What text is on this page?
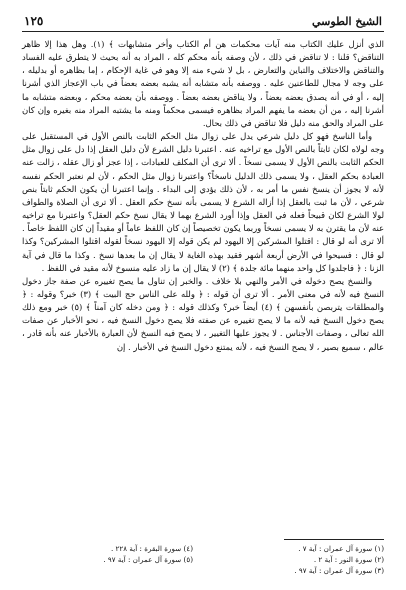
الشيخ الطوسي
١٢٥

الذي أنزل عليك الكتاب منه آيات محكمات هن أم الكتاب وأخر متشابهات ﴾ (١). وهل هذا إلا ظاهر التناقض؟ قلنا : لا تناقض في ذلك ، لأن وصفه بأنه محكم كله ، المراد به أنه بحيث لا يتطرق عليه الفساد والتناقض والاختلاف والتباين والتعارض ، بل لا شيء منه إلا وهو في غاية الإحكام ، إما بظاهره أو بدليله ، على وجه لا مجال للطاعنين عليه . ووصفه بأنه متشابه أنه يشبه بعضه بعضاً في باب الإعجاز الذي أشرنا إليه ، أو في أنه يصدق بعضه بعضاً ، ولا يناقض بعضه بعضاً . ووصفه بأن بعضه محكم ، وبعضه متشابه ما أشرنا إليه ، من أن بعضه ما يفهم المراد بظاهره فيسمى محكماً ومنه ما يشتبه المراد منه بغيره وإن كان على المراد والحق منه دليل فلا تناقض في ذلك بحال.

وأما الناسخ فهو كل دليل شرعي يدل على زوال مثل الحكم الثابت بالنص الأول في المستقبل على وجه لولاه لكان ثابتاً بالنص الأول مع تراخيه عنه . اعتبرنا دليل الشرع لأن دليل العقل إذا دل على زوال مثل الحكم الثابت بالنص الأول لا يسمى نسخاً . ألا ترى أن المكلف للعبادات ، إذا عجز أو زال عقله ، زالت عنه العبادة بحكم العقل ، ولا يسمى ذلك الدليل ناسخاً؟ واعتبرنا زوال مثل الحكم ، لأن لم نعتبر الحكم نفسه لأنه لا يجوز أن ينسخ نفس ما أمر به ، لأن ذلك يؤدي إلى البداء . وإنما اعتبرنا أن يكون الحكم ثابتاً بنص شرعي ، لأن ما ثبت بالعقل إذا أزاله الشرع لا يسمى بأنه نسخ حكم العقل . ألا ترى أن الصلاة والطواف لولا الشرع لكان قبيحاً فعله في العقل وإذا أورد الشرع بهما لا يقال نسخ حكم العقل؟ واعتبرنا مع تراخيه عنه لأن ما يقترن به لا يسمى نسخاً وربما يكون تخصيصاً إن كان اللفظ عاماً أو مقيداً إن كان اللفظ خاصاً . ألا ترى أنه لو قال : اقتلوا المشركين إلا اليهود لم يكن قوله إلا اليهود نسخاً لقوله اقتلوا المشركين؟ وكذا لو قال : فسيحوا في الأرض أربعة أشهر فقيد بهذه الغاية لا يقال إن ما بعدها نسخ . وكذا ما قال في آية الزنا : ﴿ فاجلدوا كل واحد منهما مائة جلدة ﴾ (٢) لا يقال إن ما زاد عليه منسوخ لأنه مقيد في اللفظ .

والنسخ يصح دخوله في الأمر والنهي بلا خلاف . والخبر إن تناول ما يصح تغييره عن صفة جاز دخول النسخ فيه لأنه في معنى الأمر . ألا ترى أن قوله : ﴿ ولله على الناس حج البيت ﴾ (٣) خبر؟ وقوله : ﴿ والمطلقات يتربصن بأنفسهن ﴾ (٤) أيضاً خبر؟ وكذلك قوله : ﴿ ومن دخله كان آمناً ﴾ (٥) خبر ومع ذلك يصح دخول النسخ فيه لأنه ما لا يصح تغييره عن صفته فلا يصح دخول النسخ فيه ، نحو الأخبار عن صفات الله تعالى ، وصفات الأجناس . لا يجوز عليها التغيير ، لا يصح فيه النسخ لأن العبارة بالأخبار عنه بأنه قادر ، عالم ، سميع بصير ، لا يصح النسخ فيه ، لأنه يمتنع دخول النسخ في الأخبار . إن

(١) سورة آل عمران : آية ٧ .
(٤) سورة البقرة : آية ٢٢٨ .
(٢) سورة النور : آية ٢ .
(٥) سورة آل عمران : آية ٩٧ .
(٣) سورة آل عمران : آية ٩٧ .
